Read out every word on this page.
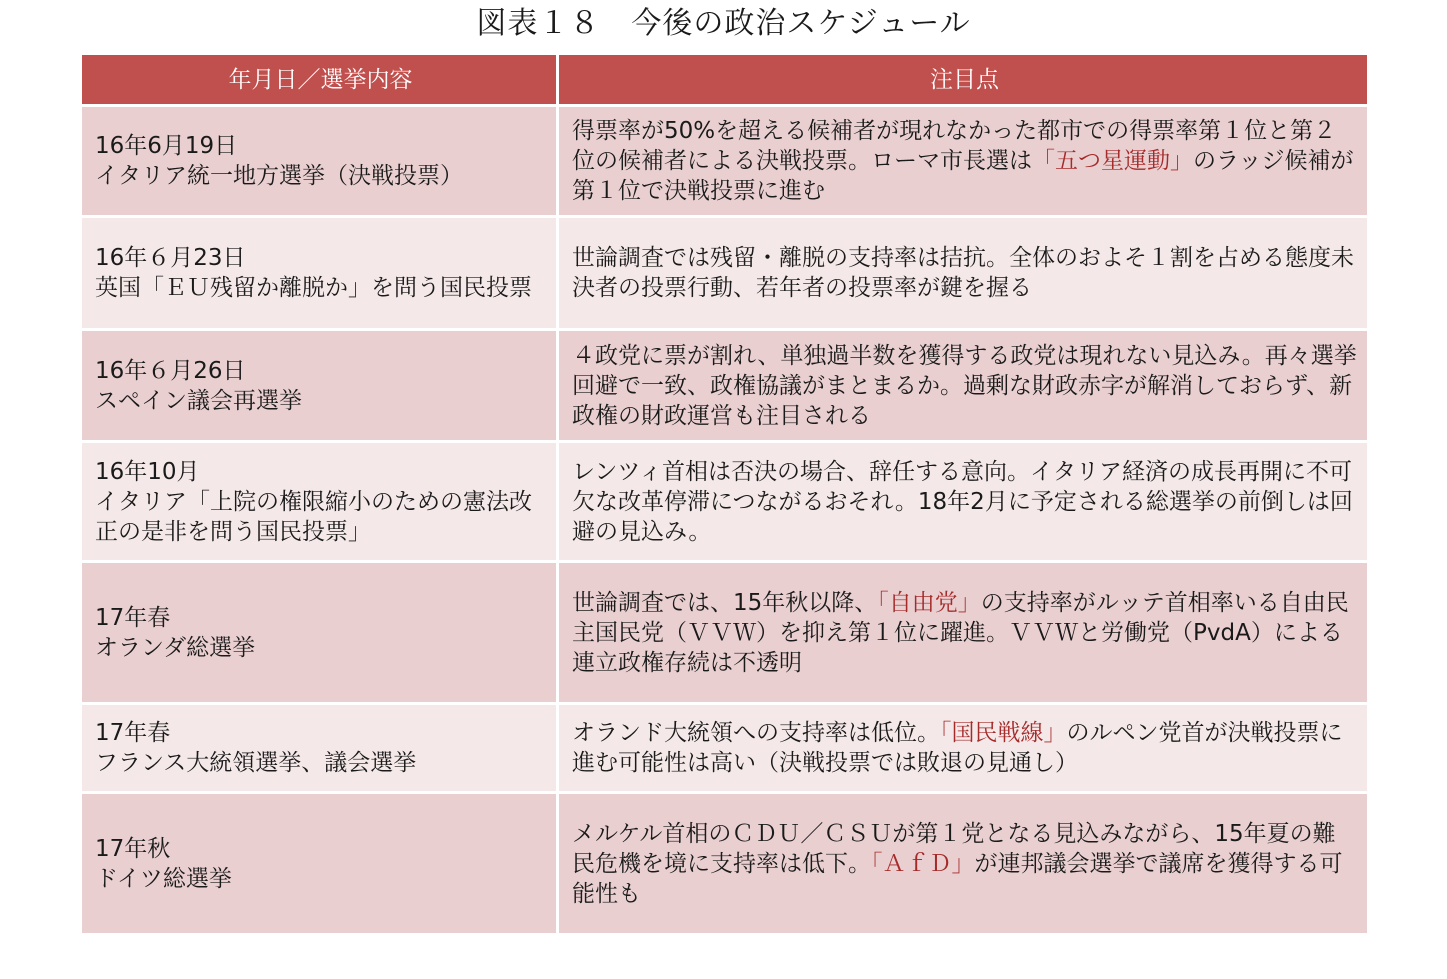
図表１８　今後の政治スケジュール
年月日／選挙内容	注目点
16年6月19日
イタリア統一地方選挙（決戦投票）
得票率が50%を超える候補者が現れなかった都市での得票率第１位と第２位の候補者による決戦投票。ローマ市長選は「五つ星運動」のラッジ候補が第１位で決戦投票に進む
16年６月23日
英国「ＥＵ残留か離脱か」を問う国民投票
世論調査では残留・離脱の支持率は拮抗。全体のおよそ１割を占める態度未決者の投票行動、若年者の投票率が鍵を握る
16年６月26日
スペイン議会再選挙
４政党に票が割れ、単独過半数を獲得する政党は現れない見込み。再々選挙回避で一致、政権協議がまとまるか。過剰な財政赤字が解消しておらず、新政権の財政運営も注目される
16年10月
イタリア「上院の権限縮小のための憲法改正の是非を問う国民投票」
レンツィ首相は否決の場合、辞任する意向。イタリア経済の成長再開に不可欠な改革停滞につながるおそれ。18年2月に予定される総選挙の前倒しは回避の見込み。
17年春
オランダ総選挙
世論調査では、15年秋以降、「自由党」の支持率がルッテ首相率いる自由民主国民党（ＶＶＷ）を抑え第１位に躍進。ＶＶＷと労働党（PvdA）による連立政権存続は不透明
17年春
フランス大統領選挙、議会選挙
オランド大統領への支持率は低位。「国民戦線」のルペン党首が決戦投票に進む可能性は高い（決戦投票では敗退の見通し）
17年秋
ドイツ総選挙
メルケル首相のＣＤＵ／ＣＳＵが第１党となる見込みながら、15年夏の難民危機を境に支持率は低下。「ＡｆＤ」が連邦議会選挙で議席を獲得する可能性も
